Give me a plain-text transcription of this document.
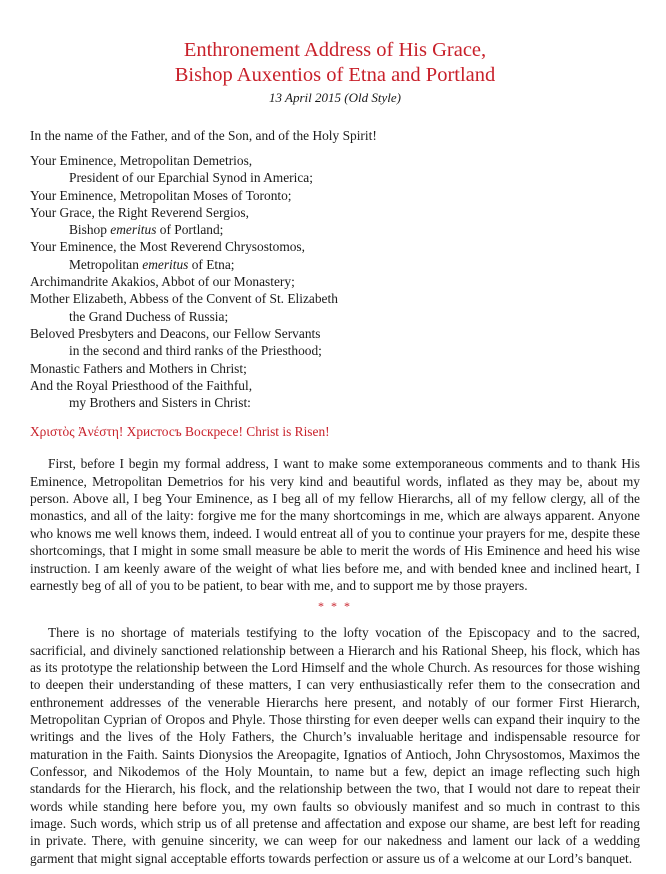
Enthronement Address of His Grace,
Bishop Auxentios of Etna and Portland
13 April 2015 (Old Style)
In the name of the Father, and of the Son, and of the Holy Spirit!
Your Eminence, Metropolitan Demetrios,
President of our Eparchial Synod in America;
Your Eminence, Metropolitan Moses of Toronto;
Your Grace, the Right Reverend Sergios,
Bishop emeritus of Portland;
Your Eminence, the Most Reverend Chrysostomos,
Metropolitan emeritus of Etna;
Archimandrite Akakios, Abbot of our Monastery;
Mother Elizabeth, Abbess of the Convent of St. Elizabeth
the Grand Duchess of Russia;
Beloved Presbyters and Deacons, our Fellow Servants
in the second and third ranks of the Priesthood;
Monastic Fathers and Mothers in Christ;
And the Royal Priesthood of the Faithful,
my Brothers and Sisters in Christ:
Χριστὸς Ἀνέστη! Христосъ Воскресе! Christ is Risen!

First, before I begin my formal address, I want to make some extemporaneous comments and to thank His Eminence, Metropolitan Demetrios for his very kind and beautiful words, inflated as they may be, about my person. Above all, I beg Your Eminence, as I beg all of my fellow Hierarchs, all of my fellow clergy, all of the monastics, and all of the laity: forgive me for the many shortcomings in me, which are always apparent. Anyone who knows me well knows them, indeed. I would entreat all of you to continue your prayers for me, despite these shortcomings, that I might in some small measure be able to merit the words of His Eminence and heed his wise instruction. I am keenly aware of the weight of what lies before me, and with bended knee and inclined heart, I earnestly beg of all of you to be patient, to bear with me, and to support me by those prayers.

* * *

There is no shortage of materials testifying to the lofty vocation of the Episcopacy and to the sacred, sacrificial, and divinely sanctioned relationship between a Hierarch and his Rational Sheep, his flock, which has as its prototype the relationship between the Lord Himself and the whole Church. As resources for those wishing to deepen their understanding of these matters, I can very enthusiastically refer them to the consecration and enthronement addresses of the venerable Hierarchs here present, and notably of our former First Hierarch, Metropolitan Cyprian of Oropos and Phyle. Those thirsting for even deeper wells can expand their inquiry to the writings and the lives of the Holy Fathers, the Church’s invaluable heritage and indispensable resource for maturation in the Faith. Saints Dionysios the Areopagite, Ignatios of Antioch, John Chrysostomos, Maximos the Confessor, and Nikodemos of the Holy Mountain, to name but a few, depict an image reflecting such high standards for the Hierarch, his flock, and the relationship between the two, that I would not dare to repeat their words while standing here before you, my own faults so obviously manifest and so much in contrast to this image. Such words, which strip us of all pretense and affectation and expose our shame, are best left for reading in private. There, with genuine sincerity, we can weep for our nakedness and lament our lack of a wedding garment that might signal acceptable efforts towards perfection or assure us of a welcome at our Lord’s banquet.
